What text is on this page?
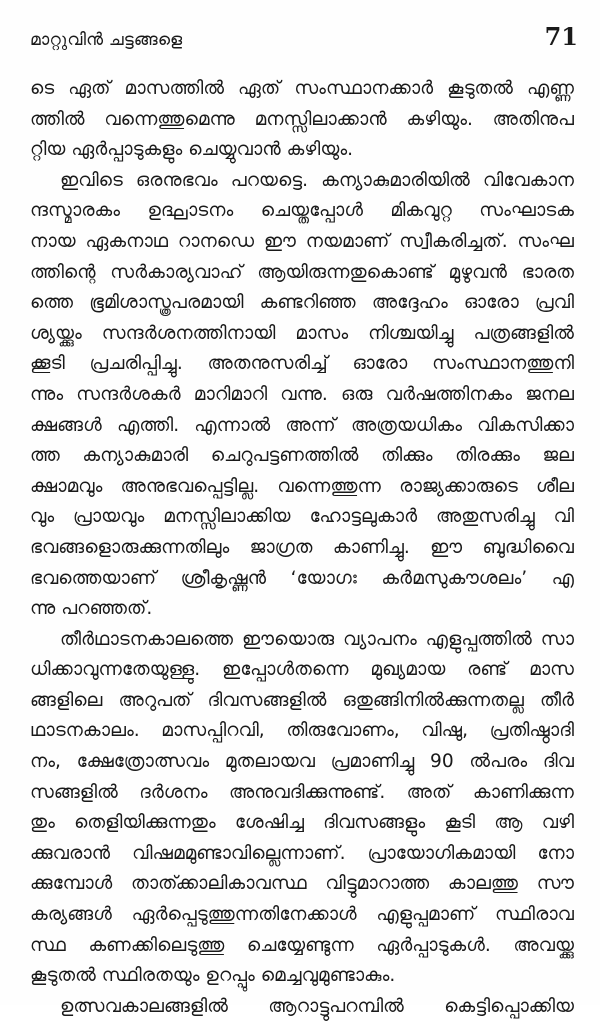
മാറ്റുവിൻ ചട്ടങ്ങളെ	71
ടെ ഏത് മാസത്തിൽ ഏത് സംസ്ഥാനക്കാർ കൂടുതൽ എണ്ണ
ത്തിൽ വന്നെത്തുമെന്നു മനസ്സിലാക്കാൻ കഴിയും. അതിനുപ
റ്റിയ ഏർപ്പാടുകളും ചെയ്യുവാൻ കഴിയും.
ഇവിടെ ഒരനുഭവം പറയട്ടെ. കന്യാകുമാരിയിൽ വിവേകാന
ന്ദസ്മാരകം ഉദ്ഘാടനം ചെയ്തപ്പോൾ മികവുറ്റ സംഘാടക
നായ ഏകനാഥ റാനഡെ ഈ നയമാണ് സ്വീകരിച്ചത്. സംഘ
ത്തിന്റെ സർകാര്യവാഹ് ആയിരുന്നതുകൊണ്ട് മുഴുവൻ ഭാരത
ത്തെ ഭൂമിശാസ്ത്രപരമായി കണ്ടറിഞ്ഞ അദ്ദേഹം ഓരോ പ്രവി
ശ്യയ്ക്കും സന്ദർശനത്തിനായി മാസം നിശ്ചയിച്ചു പത്രങ്ങളിൽ
ക്കൂടി പ്രചരിപ്പിച്ചു. അതനുസരിച്ച് ഓരോ സംസ്ഥാനത്തുനി
ന്നും സന്ദർശകർ മാറിമാറി വന്നു. ഒരു വർഷത്തിനകം ജനല
ക്ഷങ്ങൾ എത്തി. എന്നാൽ അന്ന് അത്രയധികം വികസിക്കാ
ത്ത കന്യാകുമാരി ചെറുപട്ടണത്തിൽ തിക്കും തിരക്കും ജല
ക്ഷാമവും അനുഭവപ്പെട്ടില്ല. വന്നെത്തുന്ന രാജ്യക്കാരുടെ ശീല
വും പ്രായവും മനസ്സിലാക്കിയ ഹോട്ടലുകാർ അതുസരിച്ചു വി
ഭവങ്ങളൊരുക്കുന്നതിലും ജാഗ്രത കാണിച്ചു. ഈ ബുദ്ധിവൈ
ഭവത്തെയാണ് ശ്രീകൃഷ്ണൻ ‘യോഗഃ കർമസുകൗശലം’ എ
ന്നു പറഞ്ഞത്.
തീർഥാടനകാലത്തെ ഈയൊരു വ്യാപനം എളുപ്പത്തിൽ സാ
ധിക്കാവുന്നതേയുള്ളു. ഇപ്പോൾതന്നെ മുഖ്യമായ രണ്ട് മാസ
ങ്ങളിലെ അറുപത് ദിവസങ്ങളിൽ ഒതുങ്ങിനിൽക്കുന്നതല്ല തീർ
ഥാടനകാലം. മാസപ്പിറവി, തിരുവോണം, വിഷു, പ്രതിഷ്ഠാദി
നം, ക്ഷേത്രോത്സവം മുതലായവ പ്രമാണിച്ചു 90 ൽപരം ദിവ
സങ്ങളിൽ ദർശനം അനുവദിക്കുന്നുണ്ട്. അത് കാണിക്കുന്ന
തും തെളിയിക്കുന്നതും ശേഷിച്ച ദിവസങ്ങളും കൂടി ആ വഴി
ക്കുവരാൻ വിഷമമുണ്ടാവില്ലെന്നാണ്. പ്രായോഗികമായി നോ
ക്കുമ്പോൾ താത്ക്കാലികാവസ്ഥ വിട്ടുമാറാത്ത കാലത്തു സൗ
കര്യങ്ങൾ ഏർപ്പെടുത്തുന്നതിനേക്കാൾ എളുപ്പമാണ് സ്ഥിരാവ
സ്ഥ കണക്കിലെടുത്തു ചെയ്യേണ്ടുന്ന ഏർപ്പാടുകൾ. അവയ്ക്കു
കൂടുതൽ സ്ഥിരതയും ഉറപ്പും മെച്ചവുമുണ്ടാകും.
ഉത്സവകാലങ്ങളിൽ ആറാട്ടുപറമ്പിൽ കെട്ടിപ്പൊക്കിയ
